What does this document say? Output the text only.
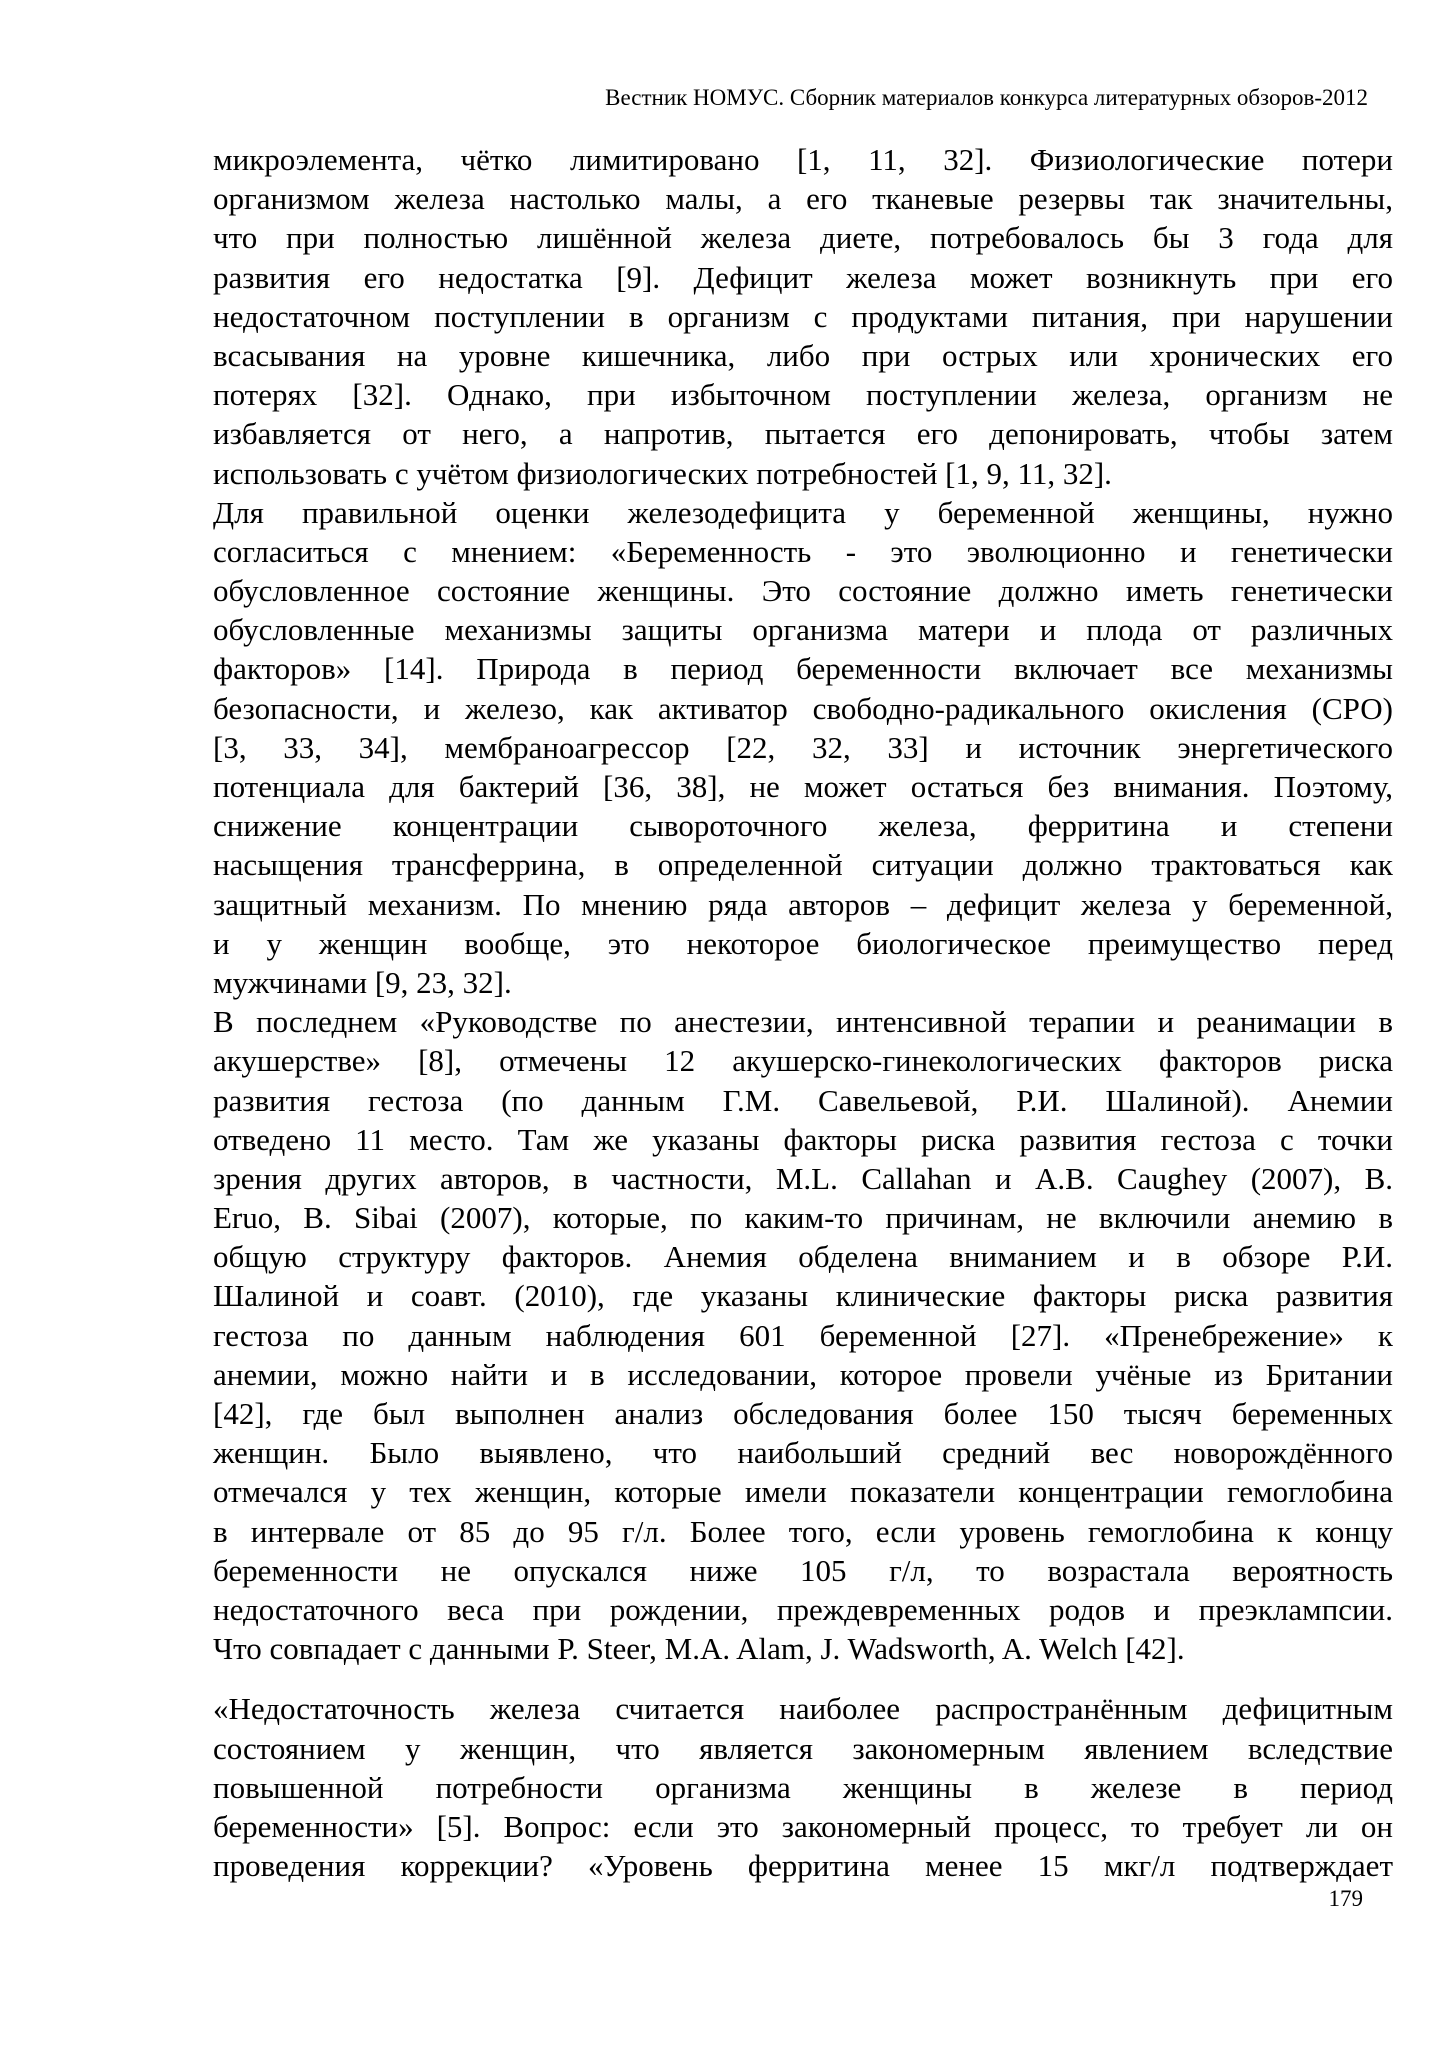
Вестник НОМУС. Сборник материалов конкурса литературных обзоров-2012

микроэлемента, чётко лимитировано [1, 11, 32]. Физиологические потери
организмом железа настолько малы, а его тканевые резервы так значительны,
что при полностью лишённой железа диете, потребовалось бы 3 года для
развития его недостатка [9]. Дефицит железа может возникнуть при его
недостаточном поступлении в организм с продуктами питания, при нарушении
всасывания на уровне кишечника, либо при острых или хронических его
потерях [32]. Однако, при избыточном поступлении железа, организм не
избавляется от него, а напротив, пытается его депонировать, чтобы затем
использовать с учётом физиологических потребностей [1, 9, 11, 32].

Для правильной оценки железодефицита у беременной женщины, нужно
согласиться с мнением: «Беременность - это эволюционно и генетически
обусловленное состояние женщины. Это состояние должно иметь генетически
обусловленные механизмы защиты организма матери и плода от различных
факторов» [14]. Природа в период беременности включает все механизмы
безопасности, и железо, как активатор свободно-радикального окисления (СРО)
[3, 33, 34], мембраноагрессор [22, 32, 33] и источник энергетического
потенциала для бактерий [36, 38], не может остаться без внимания. Поэтому,
снижение концентрации сывороточного железа, ферритина и степени
насыщения трансферрина, в определенной ситуации должно трактоваться как
защитный механизм. По мнению ряда авторов – дефицит железа у беременной,
и у женщин вообще, это некоторое биологическое преимущество перед
мужчинами [9, 23, 32].

В последнем «Руководстве по анестезии, интенсивной терапии и реанимации в
акушерстве» [8], отмечены 12 акушерско-гинекологических факторов риска
развития гестоза (по данным Г.М. Савельевой, Р.И. Шалиной). Анемии
отведено 11 место. Там же указаны факторы риска развития гестоза с точки
зрения других авторов, в частности, M.L. Callahan и A.B. Caughey (2007), B.
Eruo, B. Sibai (2007), которые, по каким-то причинам, не включили анемию в
общую структуру факторов. Анемия обделена вниманием и в обзоре Р.И.
Шалиной и соавт. (2010), где указаны клинические факторы риска развития
гестоза по данным наблюдения 601 беременной [27]. «Пренебрежение» к
анемии, можно найти и в исследовании, которое провели учёные из Британии
[42], где был выполнен анализ обследования более 150 тысяч беременных
женщин. Было выявлено, что наибольший средний вес новорождённого
отмечался у тех женщин, которые имели показатели концентрации гемоглобина
в интервале от 85 до 95 г/л. Более того, если уровень гемоглобина к концу
беременности не опускался ниже 105 г/л, то возрастала вероятность
недостаточного веса при рождении, преждевременных родов и преэклампсии.
Что совпадает с данными P. Steer, M.A. Alam, J. Wadsworth, A. Welch [42].

«Недостаточность железа считается наиболее распространённым дефицитным
состоянием у женщин, что является закономерным явлением вследствие
повышенной потребности организма женщины в железе в период
беременности» [5]. Вопрос: если это закономерный процесс, то требует ли он
проведения коррекции? «Уровень ферритина менее 15 мкг/л подтверждает

179
